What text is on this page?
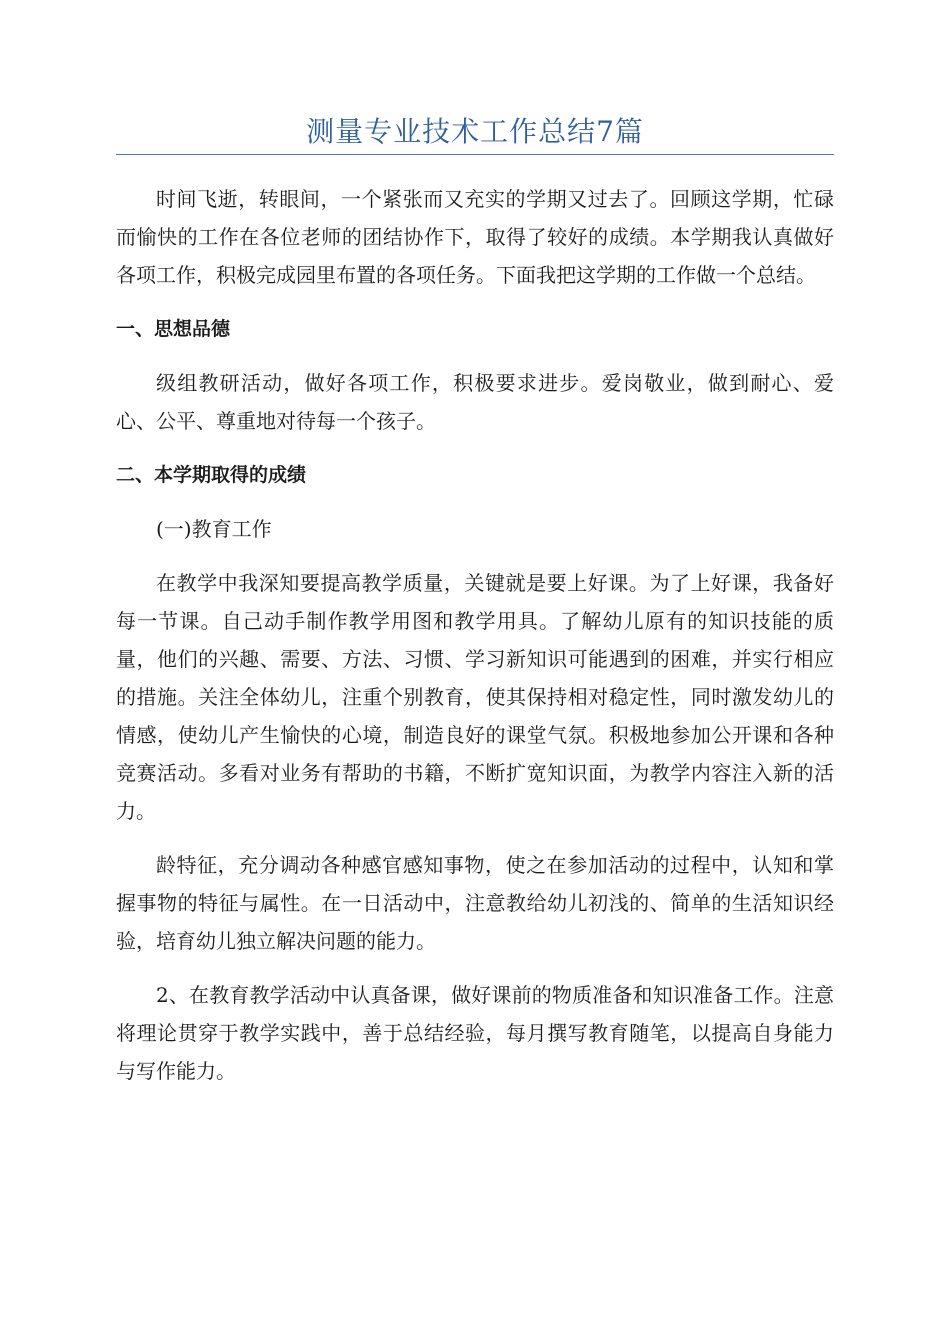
测量专业技术工作总结7篇

时间飞逝，转眼间，一个紧张而又充实的学期又过去了。回顾这学期，忙碌而愉快的工作在各位老师的团结协作下，取得了较好的成绩。本学期我认真做好各项工作，积极完成园里布置的各项任务。下面我把这学期的工作做一个总结。

一、思想品德

级组教研活动，做好各项工作，积极要求进步。爱岗敬业，做到耐心、爱心、公平、尊重地对待每一个孩子。

二、本学期取得的成绩

(一)教育工作

在教学中我深知要提高教学质量，关键就是要上好课。为了上好课，我备好每一节课。自己动手制作教学用图和教学用具。了解幼儿原有的知识技能的质量，他们的兴趣、需要、方法、习惯、学习新知识可能遇到的困难，并实行相应的措施。关注全体幼儿，注重个别教育，使其保持相对稳定性，同时激发幼儿的情感，使幼儿产生愉快的心境，制造良好的课堂气氛。积极地参加公开课和各种竞赛活动。多看对业务有帮助的书籍，不断扩宽知识面，为教学内容注入新的活力。

龄特征，充分调动各种感官感知事物，使之在参加活动的过程中，认知和掌握事物的特征与属性。在一日活动中，注意教给幼儿初浅的、简单的生活知识经验，培育幼儿独立解决问题的能力。

2、在教育教学活动中认真备课，做好课前的物质准备和知识准备工作。注意将理论贯穿于教学实践中，善于总结经验，每月撰写教育随笔，以提高自身能力与写作能力。
